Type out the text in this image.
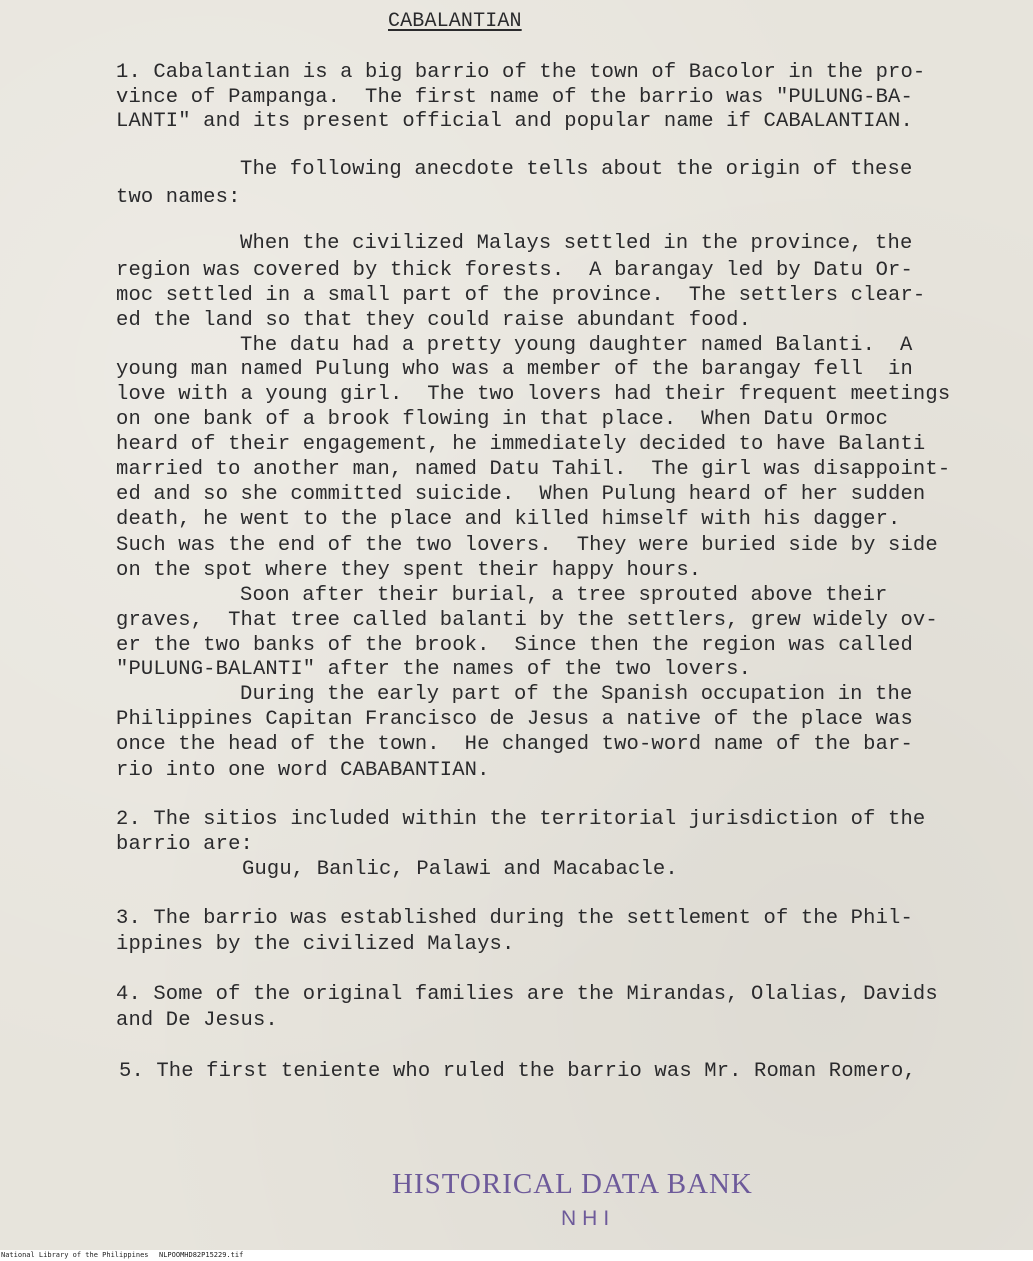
CABALANTIAN
1. Cabalantian is a big barrio of the town of Bacolor in the pro-
vince of Pampanga.  The first name of the barrio was "PULUNG-BA-
LANTI" and its present official and popular name if CABALANTIAN.
The following anecdote tells about the origin of these
two names:
When the civilized Malays settled in the province, the
region was covered by thick forests.  A barangay led by Datu Or-
moc settled in a small part of the province.  The settlers clear-
ed the land so that they could raise abundant food.
The datu had a pretty young daughter named Balanti.  A
young man named Pulung who was a member of the barangay fell  in
love with a young girl.  The two lovers had their frequent meetings
on one bank of a brook flowing in that place.  When Datu Ormoc
heard of their engagement, he immediately decided to have Balanti
married to another man, named Datu Tahil.  The girl was disappoint-
ed and so she committed suicide.  When Pulung heard of her sudden
death, he went to the place and killed himself with his dagger.
Such was the end of the two lovers.  They were buried side by side
on the spot where they spent their happy hours.
Soon after their burial, a tree sprouted above their
graves,  That tree called balanti by the settlers, grew widely ov-
er the two banks of the brook.  Since then the region was called
"PULUNG-BALANTI" after the names of the two lovers.
During the early part of the Spanish occupation in the
Philippines Capitan Francisco de Jesus a native of the place was
once the head of the town.  He changed two-word name of the bar-
rio into one word CABABANTIAN.
2. The sitios included within the territorial jurisdiction of the
barrio are:
Gugu, Banlic, Palawi and Macabacle.
3. The barrio was established during the settlement of the Phil-
ippines by the civilized Malays.
4. Some of the original families are the Mirandas, Olalias, Davids
and De Jesus.
5. The first teniente who ruled the barrio was Mr. Roman Romero,
HISTORICAL DATA BANK
NHI
National Library of the Philippines NLPOOMHD82P15229.tif
